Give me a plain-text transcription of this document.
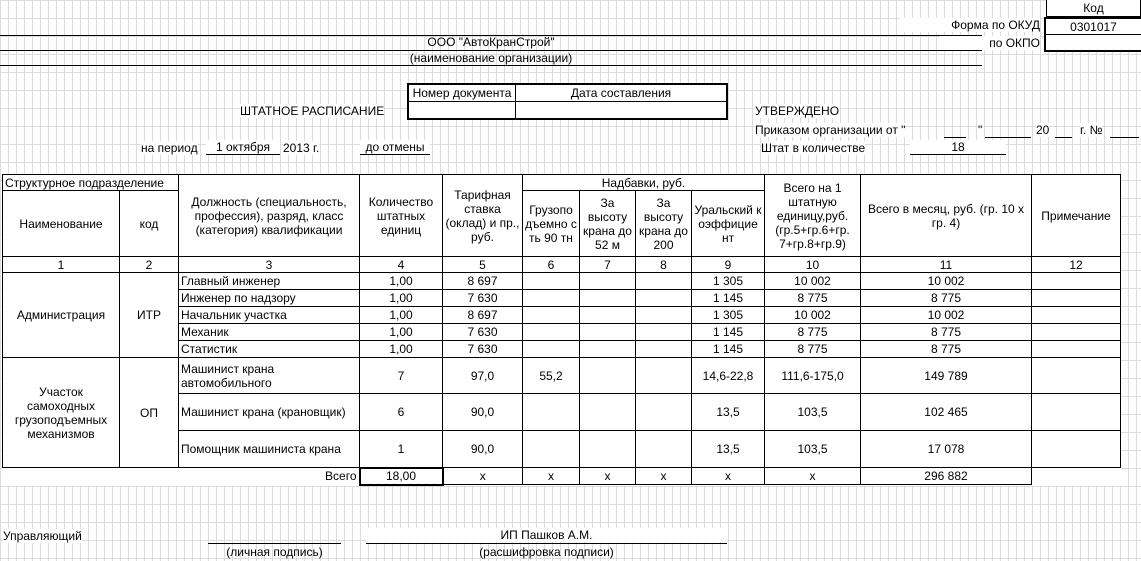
Код
Форма по ОКУД	0301017
по ОКПО
ООО "АвтоКранСтрой"
(наименование организации)
ШТАТНОЕ РАСПИСАНИЕ
Номер документа	Дата составления

УТВЕРЖДЕНО
Приказом организации от "	"	20	г. №
Штат в количестве	18
на период	1 октября	2013 г.	до отмены
Структурное подразделение		Должность (специальность, профессия), разряд, класс (категория) квалификации	Количество штатных единиц	Тарифная ставка (оклад) и пр., руб.	Надбавки, руб.				Всего на 1 штатную единицу,руб. (гр.5+гр.6+гр. 7+гр.8+гр.9)	Всего в месяц, руб. (гр. 10 х гр. 4)	Примечание
Наименование	код				Грузопо дъемно сть 90 тн	За высоту крана до 52 м	За высоту крана до 200	Уральский коэффицие нт			
1	2	3	4	5	6	7	8	9	10	11	12
Администрация	ИТР	Главный инженер	1,00	8 697				1 305	10 002	10 002	
		Инженер по надзору	1,00	7 630				1 145	8 775	8 775	
		Начальник участка	1,00	8 697				1 305	10 002	10 002	
		Механик	1,00	7 630				1 145	8 775	8 775	
		Статистик	1,00	7 630				1 145	8 775	8 775	
Участок самоходных грузоподъемных механизмов	ОП	Машинист крана автомобильного	7	97,0	55,2			14,6-22,8	111,6-175,0	149 789	
		Машинист крана (крановщик)	6	90,0				13,5	103,5	102 465	
		Помощник машиниста крана	1	90,0				13,5	103,5	17 078	
Всего			18,00	х	х	х	х	х	х	296 882	
Управляющий
(личная подпись)
ИП Пашков А.М.
(расшифровка подписи)
